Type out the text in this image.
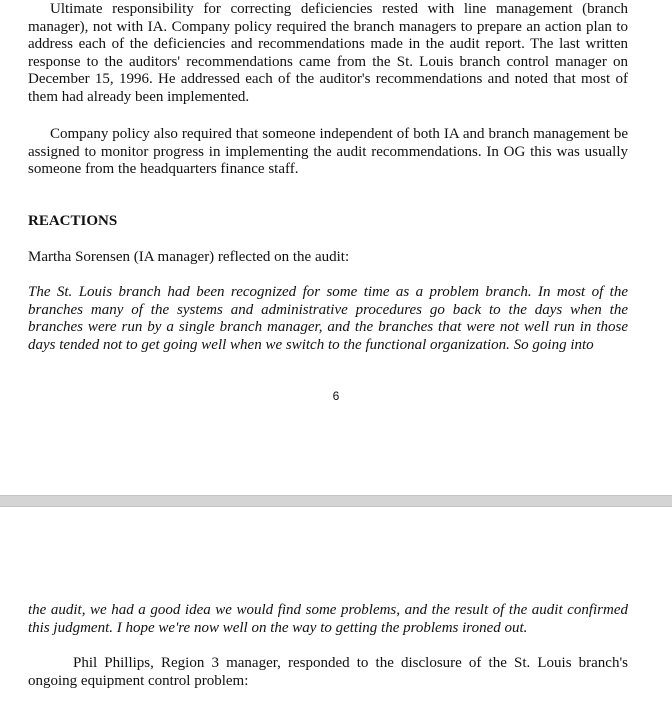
Ultimate responsibility for correcting deficiencies rested with line management (branch manager), not with IA. Company policy required the branch managers to prepare an action plan to address each of the deficiencies and recommendations made in the audit report. The last written response to the auditors' recommendations came from the St. Louis branch control manager on December 15, 1996. He addressed each of the auditor's recommendations and noted that most of them had already been implemented.

Company policy also required that someone independent of both IA and branch management be assigned to monitor progress in implementing the audit recommendations. In OG this was usually someone from the headquarters finance staff.

REACTIONS

Martha Sorensen (IA manager) reflected on the audit:

The St. Louis branch had been recognized for some time as a problem branch. In most of the branches many of the systems and administrative procedures go back to the days when the branches were run by a single branch manager, and the branches that were not well run in those days tended not to get going well when we switch to the functional organization. So going into

6

the audit, we had a good idea we would find some problems, and the result of the audit confirmed this judgment. I hope we're now well on the way to getting the problems ironed out.

Phil Phillips, Region 3 manager, responded to the disclosure of the St. Louis branch's ongoing equipment control problem:
